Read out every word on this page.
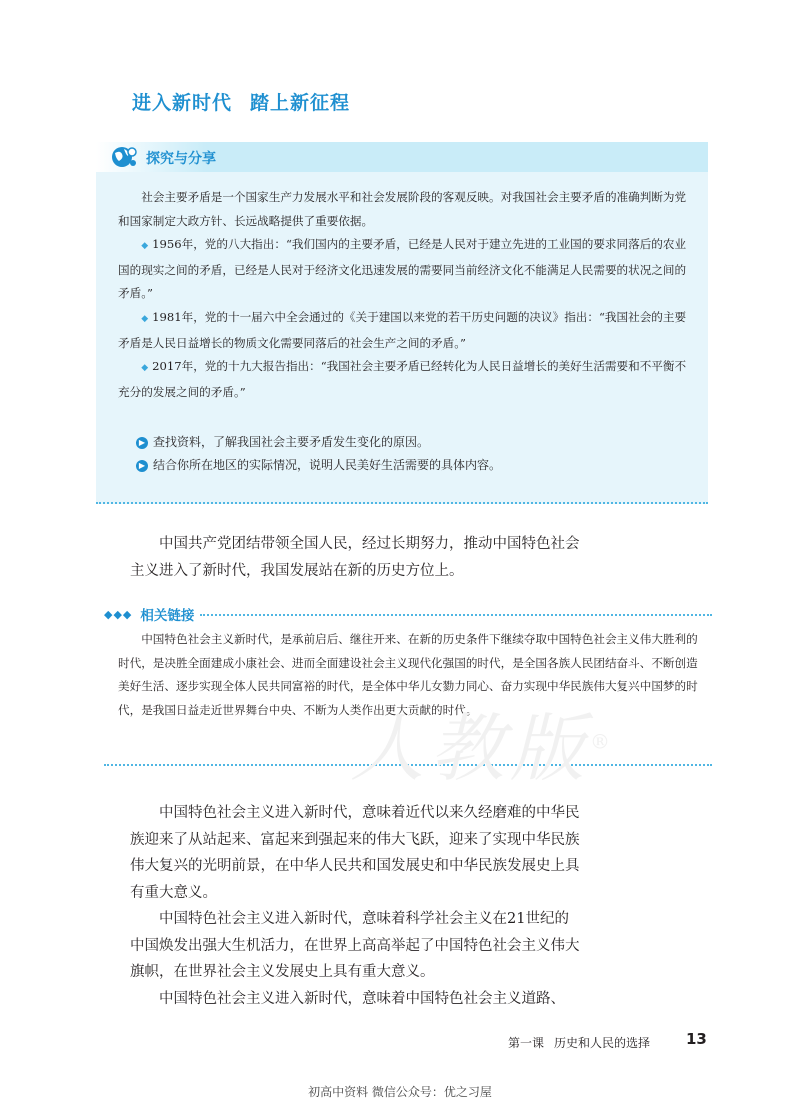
进入新时代 踏上新征程
探究与分享

社会主要矛盾是一个国家生产力发展水平和社会发展阶段的客观反映。对我国社会主要矛盾的准确判断为党和国家制定大政方针、长远战略提供了重要依据。

◆ 1956年，党的八大指出：“我们国内的主要矛盾，已经是人民对于建立先进的工业国的要求同落后的农业国的现实之间的矛盾，已经是人民对于经济文化迅速发展的需要同当前经济文化不能满足人民需要的状况之间的矛盾。”

◆ 1981年，党的十一届六中全会通过的《关于建国以来党的若干历史问题的决议》指出：“我国社会的主要矛盾是人民日益增长的物质文化需要同落后的社会生产之间的矛盾。”

◆ 2017年，党的十九大报告指出：“我国社会主要矛盾已经转化为人民日益增长的美好生活需要和不平衡不充分的发展之间的矛盾。”

▶ 查找资料，了解我国社会主要矛盾发生变化的原因。
▶ 结合你所在地区的实际情况，说明人民美好生活需要的具体内容。

中国共产党团结带领全国人民，经过长期努力，推动中国特色社会主义进入了新时代，我国发展站在新的历史方位上。

◆◆◆ 相关链接

中国特色社会主义新时代，是承前启后、继往开来、在新的历史条件下继续夺取中国特色社会主义伟大胜利的时代，是决胜全面建成小康社会、进而全面建设社会主义现代化强国的时代，是全国各族人民团结奋斗、不断创造美好生活、逐步实现全体人民共同富裕的时代，是全体中华儿女勠力同心、奋力实现中华民族伟大复兴中国梦的时代，是我国日益走近世界舞台中央、不断为人类作出更大贡献的时代。

人教版®

中国特色社会主义进入新时代，意味着近代以来久经磨难的中华民族迎来了从站起来、富起来到强起来的伟大飞跃，迎来了实现中华民族伟大复兴的光明前景，在中华人民共和国发展史和中华民族发展史上具有重大意义。

中国特色社会主义进入新时代，意味着科学社会主义在21世纪的中国焕发出强大生机活力，在世界上高高举起了中国特色社会主义伟大旗帜，在世界社会主义发展史上具有重大意义。

中国特色社会主义进入新时代，意味着中国特色社会主义道路、

第一课 历史和人民的选择 13
初高中资料 微信公众号：优之习屋
